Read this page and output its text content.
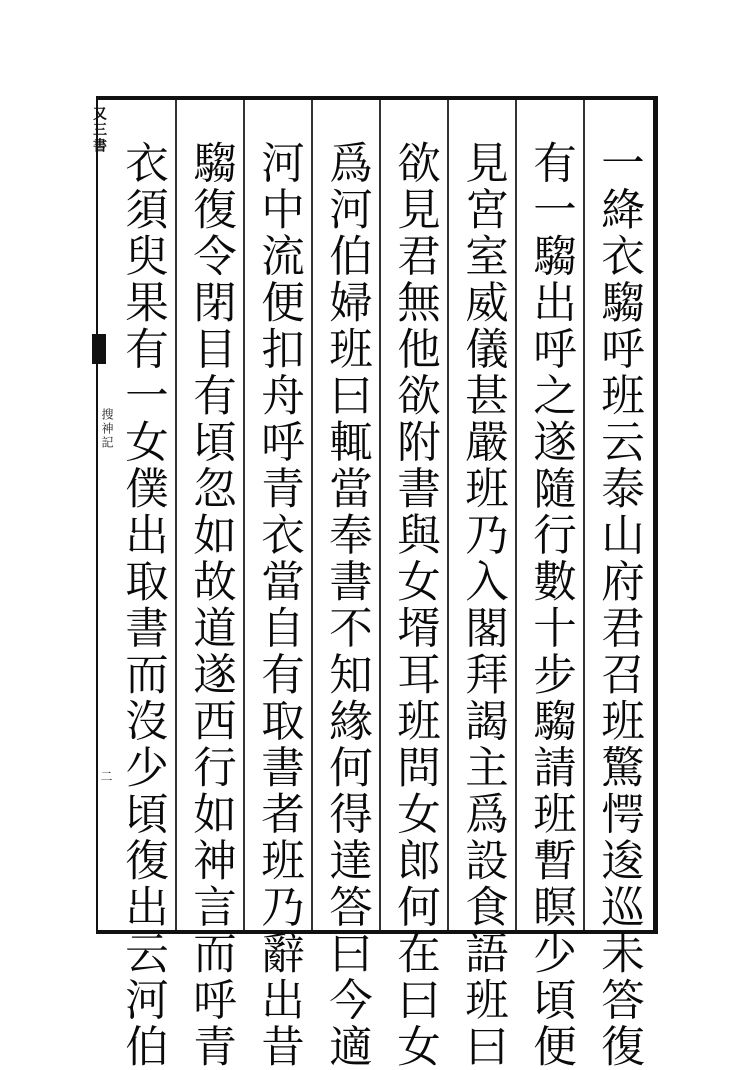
又三書
搜神記
二	一絳衣騶呼班云泰山府君召班驚愕逡巡未答復
有一騶出呼之遂隨行數十步騶請班暫瞑少頃便
見宮室威儀甚嚴班乃入閣拜謁主爲設食語班曰
欲見君無他欲附書與女壻耳班問女郎何在曰女
爲河伯婦班曰輒當奉書不知緣何得達答曰今適
河中流便扣舟呼青衣當自有取書者班乃辭出昔
騶復令閉目有頃忽如故道遂西行如神言而呼青
衣須臾果有一女僕出取書而沒少頃復出云河伯
